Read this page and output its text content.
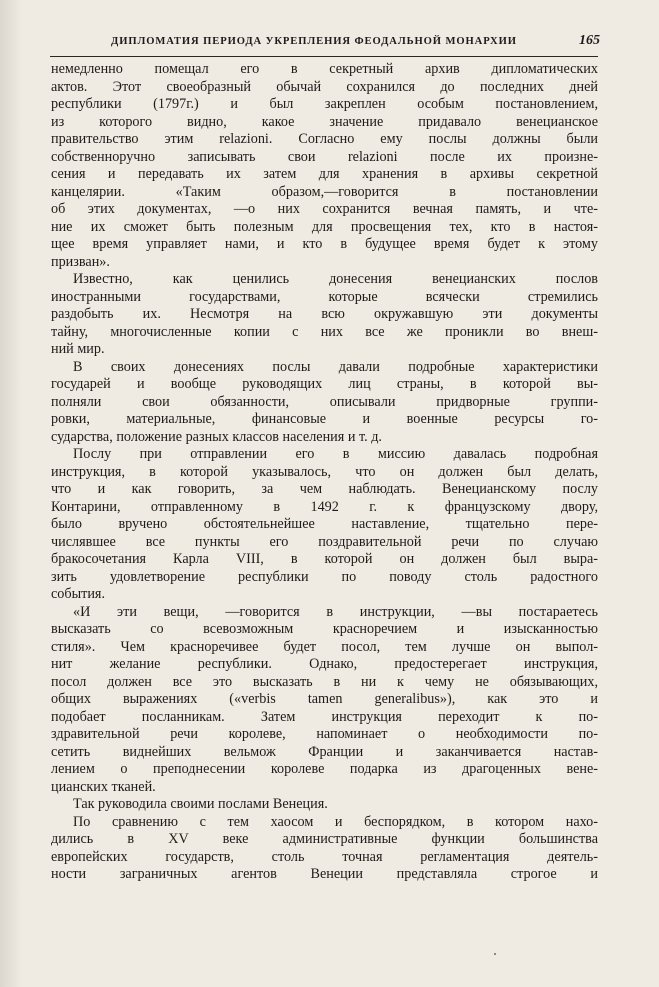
ДИПЛОМАТИЯ ПЕРИОДА УКРЕПЛЕНИЯ ФЕОДАЛЬНОЙ МОНАРХИИ	165
немедленно помещал его в секретный архив дипломатических
актов. Этот своеобразный обычай сохранился до последних дней
республики (1797г.) и был закреплен особым постановлением,
из которого видно, какое значение придавало венецианское
правительство этим relazioni. Согласно ему послы должны были
собственноручно записывать свои relazioni после их произне-
сения и передавать их затем для хранения в архивы секретной
канцелярии. «Таким образом,—говорится в постановлении
об этих документах, —о них сохранится вечная память, и чте-
ние их сможет быть полезным для просвещения тех, кто в настоя-
щее время управляет нами, и кто в будущее время будет к этому
призван».
Известно, как ценились донесения венецианских послов
иностранными государствами, которые всячески стремились
раздобыть их. Несмотря на всю окружавшую эти документы
тайну, многочисленные копии с них все же проникли во внеш-
ний мир.
В своих донесениях послы давали подробные характеристики
государей и вообще руководящих лиц страны, в которой вы-
полняли свои обязанности, описывали придворные группи-
ровки, материальные, финансовые и военные ресурсы го-
сударства, положение разных классов населения и т. д.
Послу при отправлении его в миссию давалась подробная
инструкция, в которой указывалось, что он должен был делать,
что и как говорить, за чем наблюдать. Венецианскому послу
Контарини, отправленному в 1492 г. к французскому двору,
было вручено обстоятельнейшее наставление, тщательно пере-
числявшее все пункты его поздравительной речи по случаю
бракосочетания Карла VIII, в которой он должен был выра-
зить удовлетворение республики по поводу столь радостного
события.
«И эти вещи, —говорится в инструкции, —вы постараетесь
высказать со всевозможным красноречием и изысканностью
стиля». Чем красноречивее будет посол, тем лучше он выпол-
нит желание республики. Однако, предостерегает инструкция,
посол должен все это высказать в ни к чему не обязывающих,
общих выражениях («verbis tamen generalibus»), как это и
подобает посланникам. Затем инструкция переходит к по-
здравительной речи королеве, напоминает о необходимости по-
сетить виднейших вельмож Франции и заканчивается настав-
лением о преподнесении королеве подарка из драгоценных вене-
цианских тканей.
Так руководила своими послами Венеция.
По сравнению с тем хаосом и беспорядком, в котором нахо-
дились в XV веке административные функции большинства
европейских государств, столь точная регламентация деятель-
ности заграничных агентов Венеции представляла строгое и
